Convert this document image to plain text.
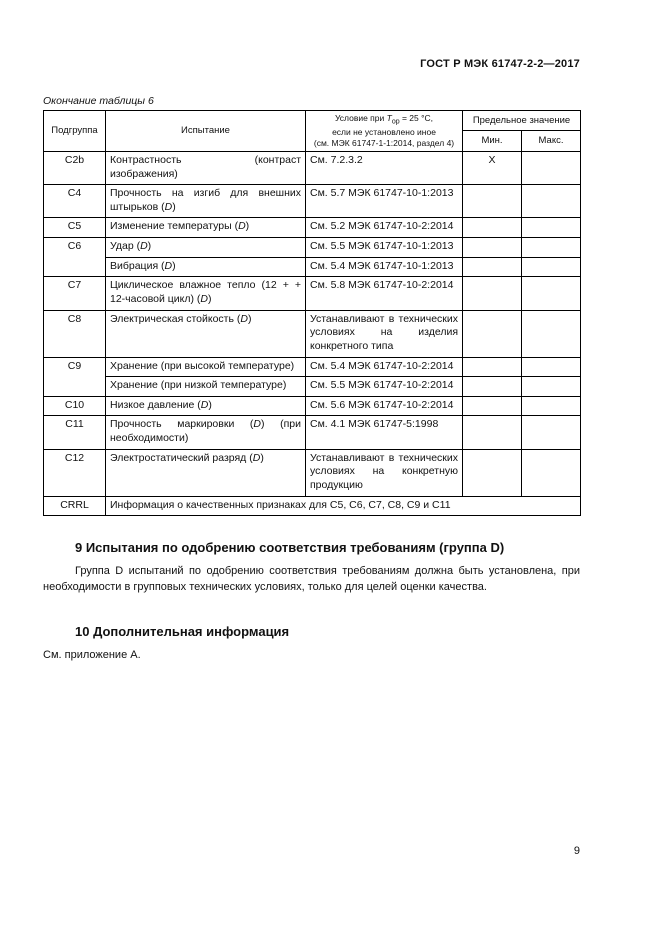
ГОСТ Р МЭК 61747-2-2—2017
Окончание таблицы 6
Подгруппа	Испытание	Условие при $T_{ор} = 25$ °С,
если не установлено иное
(см. МЭК 61747-1-1:2014, раздел 4)	Предельное значение	
			Мин.	Макс.
C2b	Контрастность (контраст изображения)	См. 7.2.3.2	X	
C4	Прочность на изгиб для внешних штырьков (D)	См. 5.7 МЭК 61747-10-1:2013		
C5	Изменение температуры (D)	См. 5.2 МЭК 61747-10-2:2014		
C6	Удар (D)	См. 5.5 МЭК 61747-10-1:2013		
	Вибрация (D)	См. 5.4 МЭК 61747-10-1:2013		
C7	Циклическое влажное тепло (12 + + 12-часовой цикл) (D)	См. 5.8 МЭК 61747-10-2:2014		
C8	Электрическая стойкость (D)	Устанавливают в технических условиях на изделия конкретного типа		
C9	Хранение (при высокой температуре)	См. 5.4 МЭК 61747-10-2:2014		
	Хранение (при низкой температуре)	См. 5.5 МЭК 61747-10-2:2014		
C10	Низкое давление (D)	См. 5.6 МЭК 61747-10-2:2014		
C11	Прочность маркировки (D) (при необходимости)	См. 4.1 МЭК 61747-5:1998		
C12	Электростатический разряд (D)	Устанавливают в технических условиях на конкретную продукцию		
CRRL	Информация о качественных признаках для C5, C6, C7, C8, C9 и C11			
9 Испытания по одобрению соответствия требованиям (группа D)

Группа D испытаний по одобрению соответствия требованиям должна быть установлена, при необходимости в групповых технических условиях, только для целей оценки качества.

10 Дополнительная информация

См. приложение А.

9
